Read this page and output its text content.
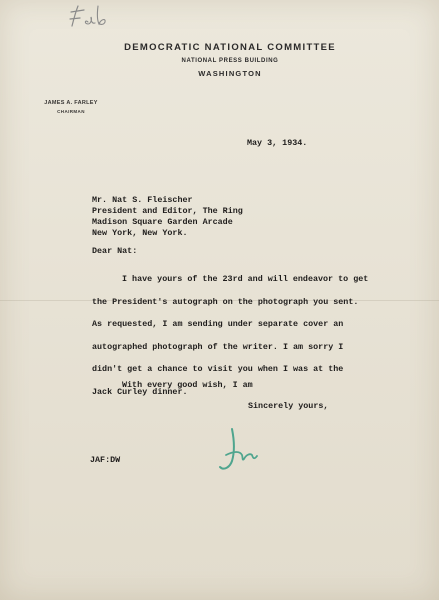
DEMOCRATIC NATIONAL COMMITTEE
NATIONAL PRESS BUILDING
WASHINGTON
JAMES A. FARLEY
CHAIRMAN
May 3, 1934.
Mr. Nat S. Fleischer
President and Editor, The Ring
Madison Square Garden Arcade
New York, New York.
Dear Nat:
I have yours of the 23rd and will endeavor to get
the President's autograph on the photograph you sent.
As requested, I am sending under separate cover an
autographed photograph of the writer. I am sorry I
didn't get a chance to visit you when I was at the
Jack Curley dinner.
With every good wish, I am
Sincerely yours,
JAF:DW
